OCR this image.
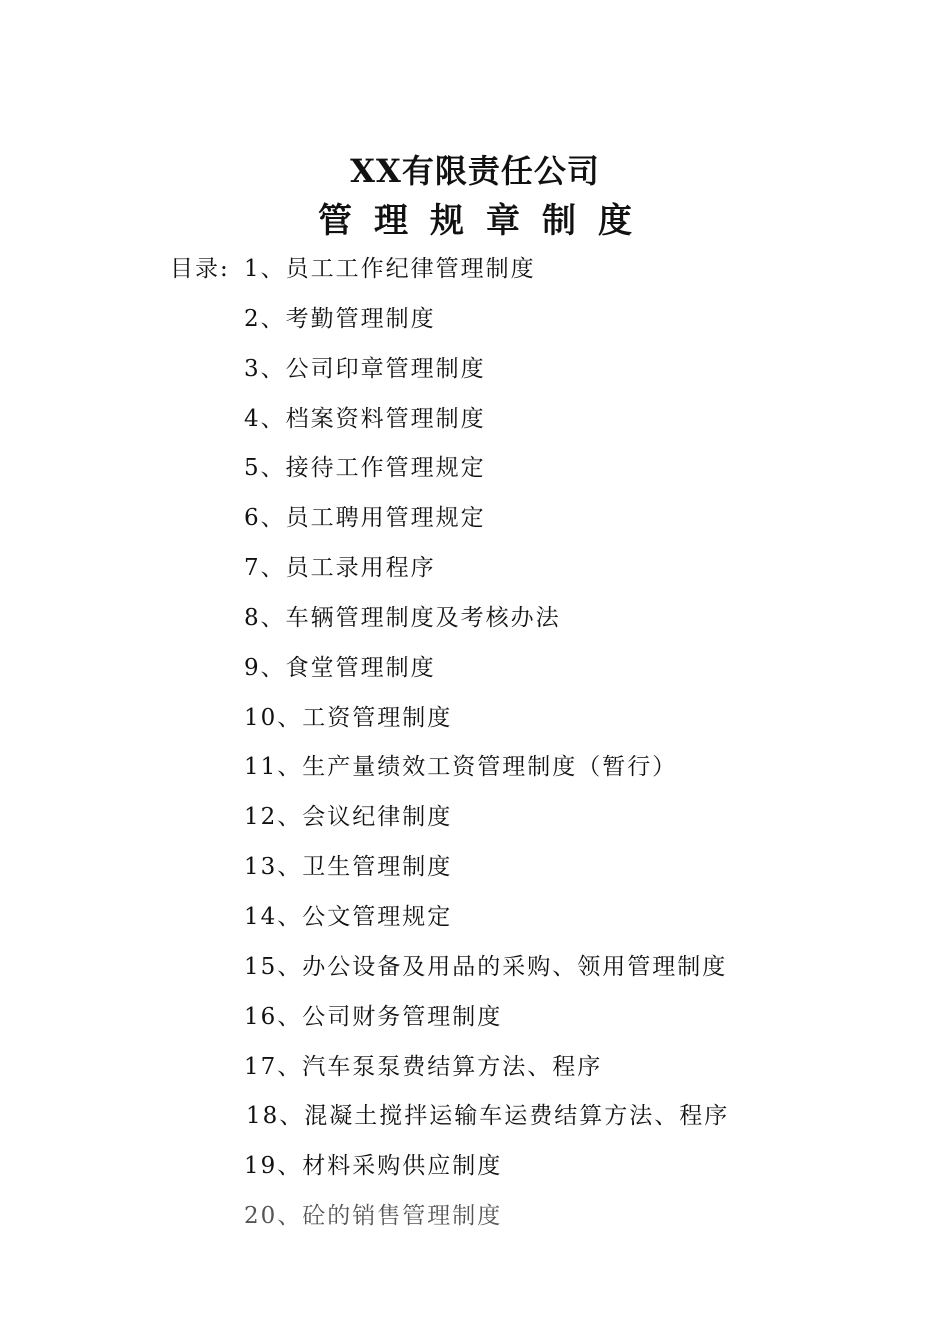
XX有限责任公司
管理规章制度
目录: 1、员工工作纪律管理制度
2、考勤管理制度
3、公司印章管理制度
4、档案资料管理制度
5、接待工作管理规定
6、员工聘用管理规定
7、员工录用程序
8、车辆管理制度及考核办法
9、食堂管理制度
10、工资管理制度
11、生产量绩效工资管理制度（暂行）
12、会议纪律制度
13、卫生管理制度
14、公文管理规定
15、办公设备及用品的采购、领用管理制度
16、公司财务管理制度
17、汽车泵泵费结算方法、程序
18、混凝土搅拌运输车运费结算方法、程序
19、材料采购供应制度
20、砼的销售管理制度
